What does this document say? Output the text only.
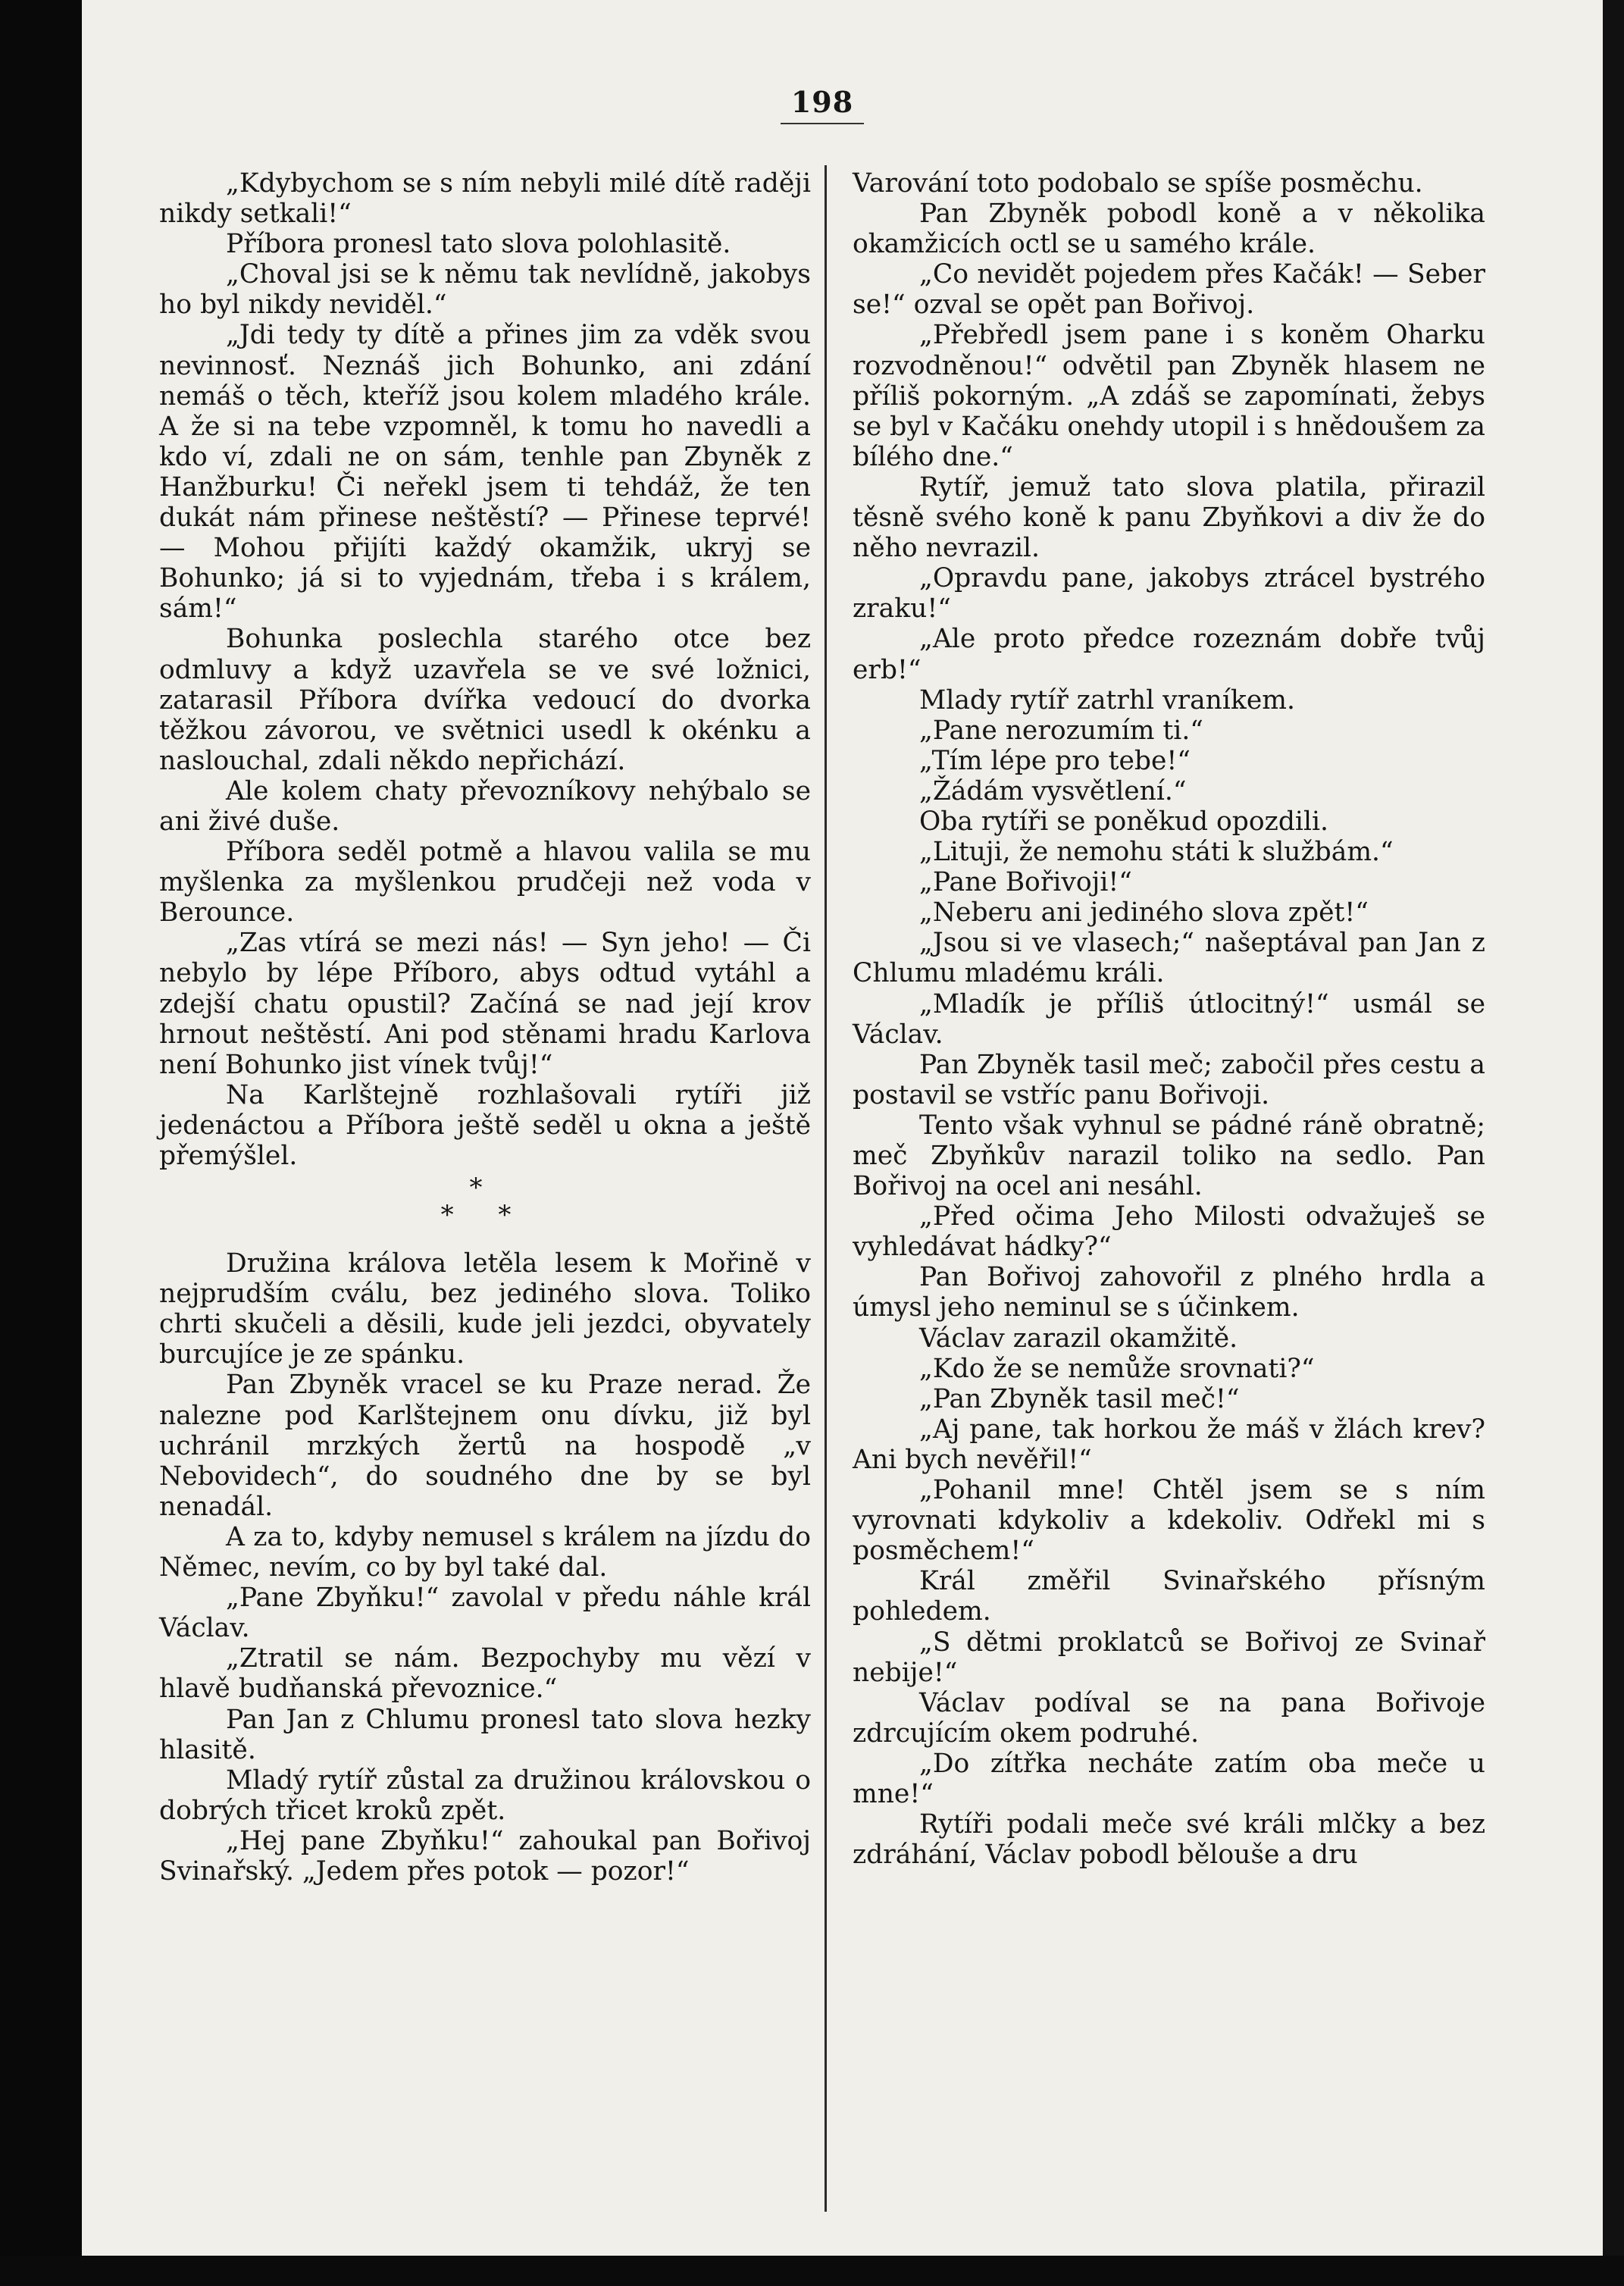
198

„Kdybychom se s ním nebyli milé dítě raději nikdy setkali!“

Příbora pronesl tato slova polohlasitě.

„Choval jsi se k němu tak nevlídně, jakobys ho byl nikdy neviděl.“

„Jdi tedy ty dítě a přines jim za vděk svou nevinnosť. Neznáš jich Bohunko, ani zdání nemáš o těch, kteříž jsou kolem mladého krále. A že si na tebe vzpomněl, k tomu ho navedli a kdo ví, zdali ne on sám, tenhle pan Zbyněk z Hanžburku! Či neřekl jsem ti tehdáž, že ten dukát nám přinese neštěstí? — Přinese teprvé! — Mohou přijíti každý okamžik, ukryj se Bohunko; já si to vyjednám, třeba i s králem, sám!“

Bohunka poslechla starého otce bez odmluvy a když uzavřela se ve své ložnici, zatarasil Příbora dvířka vedoucí do dvorka těžkou závorou, ve světnici usedl k okénku a naslouchal, zdali někdo nepřichází.

Ale kolem chaty převozníkovy nehýbalo se ani živé duše.

Příbora seděl potmě a hlavou valila se mu myšlenka za myšlenkou prudčeji než voda v Berounce.

„Zas vtírá se mezi nás! — Syn jeho! — Či nebylo by lépe Příboro, abys odtud vytáhl a zdejší chatu opustil? Začíná se nad její krov hrnout neštěstí. Ani pod stěnami hradu Karlova není Bohunko jist vínek tvůj!“

Na Karlštejně rozhlašovali rytíři již jedenáctou a Příbora ještě seděl u okna a ještě přemýšlel.

*
* *

Družina králova letěla lesem k Mořině v nejprudším cválu, bez jediného slova. Toliko chrti skučeli a děsili, kude jeli jezdci, obyvately burcujíce je ze spánku.

Pan Zbyněk vracel se ku Praze nerad. Že nalezne pod Karlštejnem onu dívku, již byl uchránil mrzkých žertů na hospodě „v Nebovidech“, do soudného dne by se byl nenadál.

A za to, kdyby nemusel s králem na jízdu do Němec, nevím, co by byl také dal.

„Pane Zbyňku!“ zavolal v předu náhle král Václav.

„Ztratil se nám. Bezpochyby mu vězí v hlavě budňanská převoznice.“

Pan Jan z Chlumu pronesl tato slova hezky hlasitě.

Mladý rytíř zůstal za družinou královskou o dobrých třicet kroků zpět.

„Hej pane Zbyňku!“ zahoukal pan Bořivoj Svinařský. „Jedem přes potok — pozor!“

Varování toto podobalo se spíše posměchu.

Pan Zbyněk pobodl koně a v několika okamžicích octl se u samého krále.

„Co nevidět pojedem přes Kačák! — Seber se!“ ozval se opět pan Bořivoj.

„Přebředl jsem pane i s koněm Oharku rozvodněnou!“ odvětil pan Zbyněk hlasem ne příliš pokorným. „A zdáš se zapomínati, žebys se byl v Kačáku onehdy utopil i s hnědoušem za bílého dne.“

Rytíř, jemuž tato slova platila, přirazil těsně svého koně k panu Zbyňkovi a div že do něho nevrazil.

„Opravdu pane, jakobys ztrácel bystrého zraku!“

„Ale proto předce rozeznám dobře tvůj erb!“

Mlady rytíř zatrhl vraníkem.

„Pane nerozumím ti.“

„Tím lépe pro tebe!“

„Žádám vysvětlení.“

Oba rytíři se poněkud opozdili.

„Lituji, že nemohu státi k službám.“

„Pane Bořivoji!“

„Neberu ani jediného slova zpět!“

„Jsou si ve vlasech;“ našeptával pan Jan z Chlumu mladému králi.

„Mladík je příliš útlocitný!“ usmál se Václav.

Pan Zbyněk tasil meč; zabočil přes cestu a postavil se vstříc panu Bořivoji.

Tento však vyhnul se pádné ráně obratně; meč Zbyňkův narazil toliko na sedlo. Pan Bořivoj na ocel ani nesáhl.

„Před očima Jeho Milosti odvažuješ se vyhledávat hádky?“

Pan Bořivoj zahovořil z plného hrdla a úmysl jeho neminul se s účinkem.

Václav zarazil okamžitě.

„Kdo že se nemůže srovnati?“

„Pan Zbyněk tasil meč!“

„Aj pane, tak horkou že máš v žlách krev? Ani bych nevěřil!“

„Pohanil mne! Chtěl jsem se s ním vyrovnati kdykoliv a kdekoliv. Odřekl mi s posměchem!“

Král změřil Svinařského přísným pohledem.

„S dětmi proklatců se Bořivoj ze Svinař nebije!“

Václav podíval se na pana Bořivoje zdrcujícím okem podruhé.

„Do zítřka necháte zatím oba meče u mne!“

Rytíři podali meče své králi mlčky a bez zdráhání, Václav pobodl bělouše a dru
